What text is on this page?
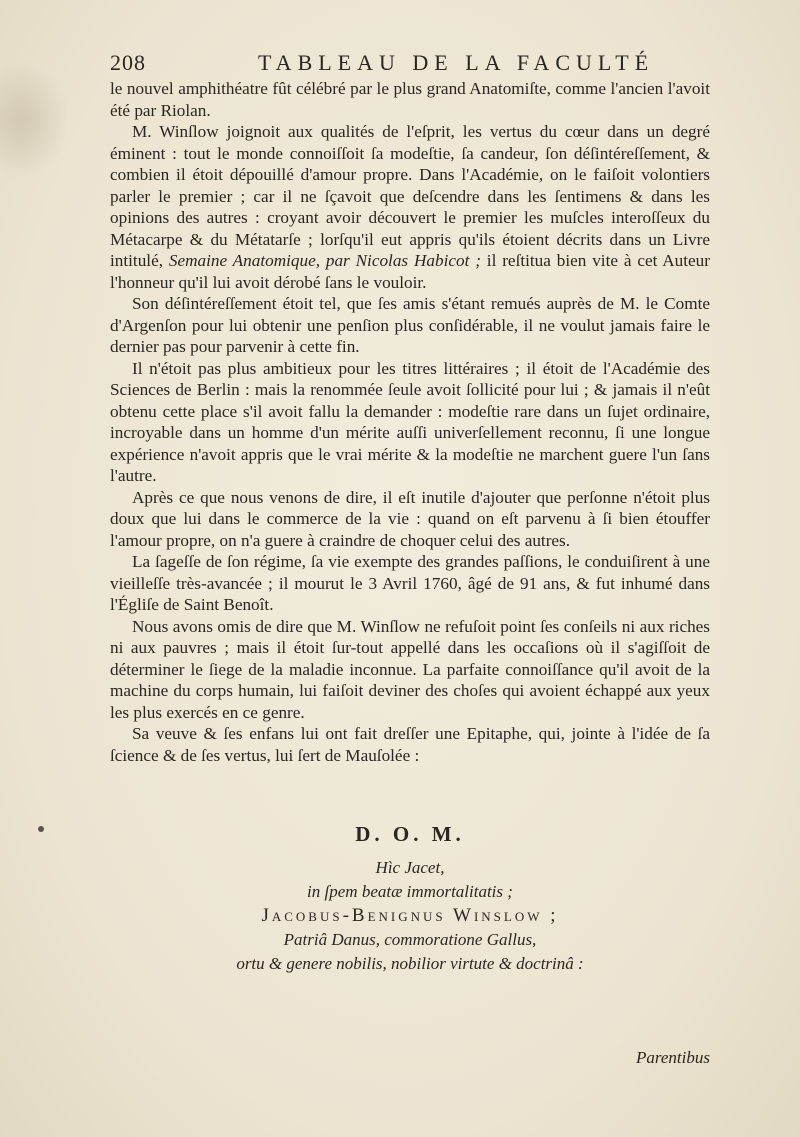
208	TABLEAU DE LA FACULTÉ

le nouvel amphithéatre fût célébré par le plus grand Anatomiſte, comme l'ancien l'avoit été par Riolan.

M. Winſlow joignoit aux qualités de l'eſprit, les vertus du cœur dans un degré éminent : tout le monde connoiſſoit ſa modeſtie, ſa candeur, ſon déſintéreſſement, & combien il étoit dépouillé d'amour propre. Dans l'Académie, on le faiſoit volontiers parler le premier ; car il ne ſçavoit que deſcendre dans les ſentimens & dans les opinions des autres : croyant avoir découvert le premier les muſcles interoſſeux du Métacarpe & du Métatarſe ; lorſqu'il eut appris qu'ils étoient décrits dans un Livre intitulé, Semaine Anatomique, par Nicolas Habicot ; il reſtitua bien vite à cet Auteur l'honneur qu'il lui avoit dérobé ſans le vouloir.

Son déſintéreſſement étoit tel, que ſes amis s'étant remués auprès de M. le Comte d'Argenſon pour lui obtenir une penſion plus conſidérable, il ne voulut jamais faire le dernier pas pour parvenir à cette fin.

Il n'étoit pas plus ambitieux pour les titres littéraires ; il étoit de l'Académie des Sciences de Berlin : mais la renommée ſeule avoit ſollicité pour lui ; & jamais il n'eût obtenu cette place s'il avoit fallu la demander : modeſtie rare dans un ſujet ordinaire, incroyable dans un homme d'un mérite auſſi univerſellement reconnu, ſi une longue expérience n'avoit appris que le vrai mérite & la modeſtie ne marchent guere l'un ſans l'autre.

Après ce que nous venons de dire, il eſt inutile d'ajouter que perſonne n'étoit plus doux que lui dans le commerce de la vie : quand on eſt parvenu à ſi bien étouffer l'amour propre, on n'a guere à craindre de choquer celui des autres.

La ſageſſe de ſon régime, ſa vie exempte des grandes paſſions, le conduiſirent à une vieilleſſe très-avancée ; il mourut le 3 Avril 1760, âgé de 91 ans, & fut inhumé dans l'Égliſe de Saint Benoît.

Nous avons omis de dire que M. Winſlow ne refuſoit point ſes conſeils ni aux riches ni aux pauvres ; mais il étoit ſur-tout appellé dans les occaſions où il s'agiſſoit de déterminer le ſiege de la maladie inconnue. La parfaite connoiſſance qu'il avoit de la machine du corps humain, lui faiſoit deviner des choſes qui avoient échappé aux yeux les plus exercés en ce genre.

Sa veuve & ſes enfans lui ont fait dreſſer une Epitaphe, qui, jointe à l'idée de ſa ſcience & de ſes vertus, lui ſert de Mauſolée :

D. O. M.
Hìc Jacet,
in ſpem beatæ immortalitatis ;
Jacobus-Benignus Winslow ;
Patriâ Danus, commoratione Gallus,
ortu & genere nobilis, nobilior virtute & doctrinâ :
Parentibus
